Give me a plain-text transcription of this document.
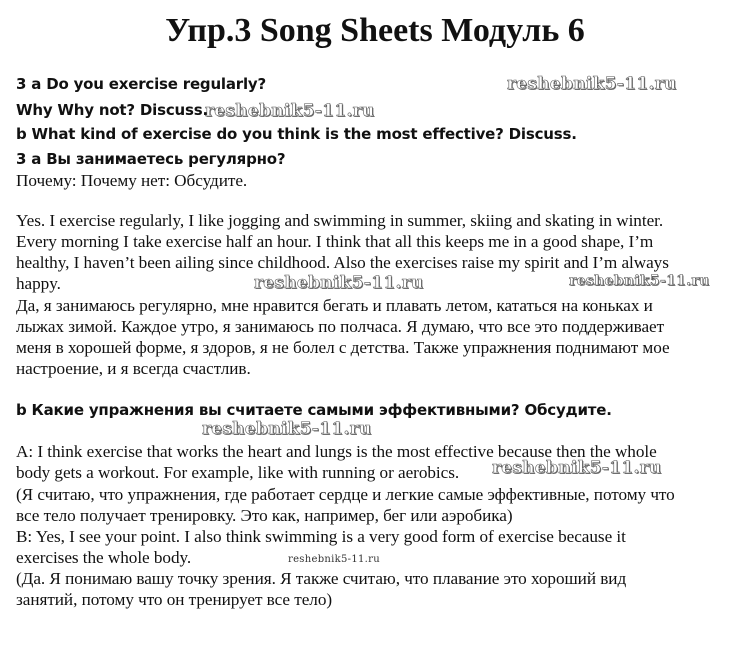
Упр.3 Song Sheets Модуль 6

3 a Do you exercise regularly?

Why Why not? Discuss.

b What kind of exercise do you think is the most effective? Discuss.

3 а Вы занимаетесь регулярно?

Почему: Почему нет: Обсудите.

Yes. I exercise regularly, I like jogging and swimming in summer, skiing and skating in winter.

Every morning I take exercise half an hour. I think that all this keeps me in a good shape, I’m

healthy, I haven’t been ailing since childhood. Also the exercises raise my spirit and I’m always

happy.

Да, я занимаюсь регулярно, мне нравится бегать и плавать летом, кататься на коньках и

лыжах зимой. Каждое утро, я занимаюсь по полчаса. Я думаю, что все это поддерживает

меня в хорошей форме, я здоров, я не болел с детства. Также упражнения поднимают мое

настроение, и я всегда счастлив.

b Какие упражнения вы считаете самыми эффективными? Обсудите.

A: I think exercise that works the heart and lungs is the most effective because then the whole

body gets a workout. For example, like with running or aerobics.

(Я считаю, что упражнения, где работает сердце и легкие самые эффективные, потому что

все тело получает тренировку. Это как, например, бег или аэробика)

B: Yes, I see your point. I also think swimming is a very good form of exercise because it

exercises the whole body.

(Да. Я понимаю вашу точку зрения. Я также считаю, что плавание это хороший вид

занятий, потому что он тренирует все тело)

reshebnik5-11.ru
reshebnik5-11.ru
reshebnik5-11.ru	reshebnik5-11.ru
reshebnik5-11.ru
reshebnik5-11.ru
reshebnik5-11.ru
